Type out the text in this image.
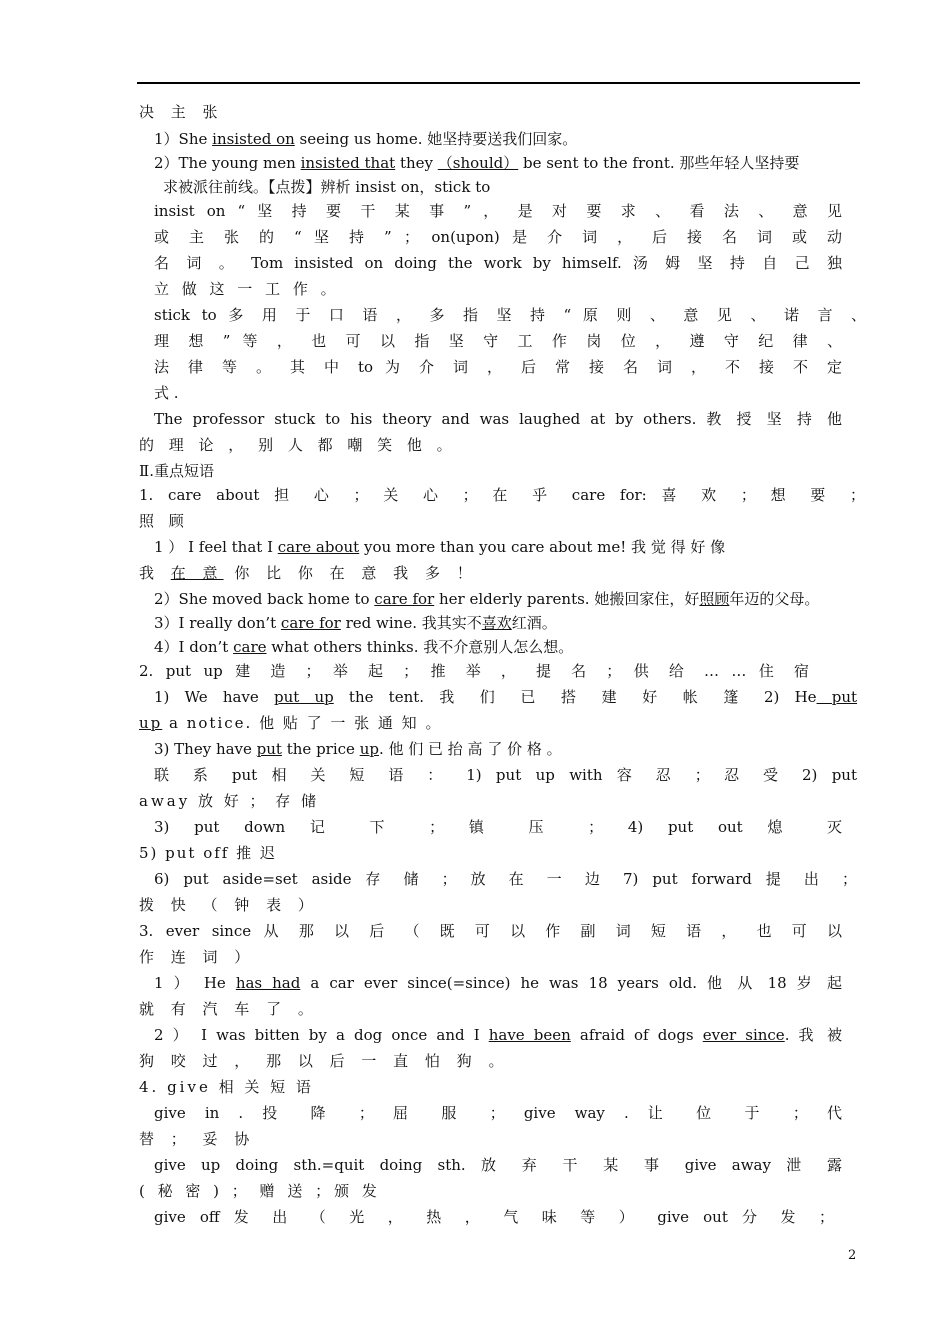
决 主 张
1）She insisted on seeing us home. 她坚持要送我们回家。
2）The young men insisted that they （should） be sent to the front. 那些年轻人坚持要
求被派往前线。【点拨】辨析 insist on，stick to
insist on “ 坚 持 要 干 某 事 ” ， 是 对 要 求 、 看 法 、 意 见
或 主 张 的 “ 坚 持 ” ； on(upon) 是 介 词 ， 后 接 名 词 或 动
名 词 。 Tom insisted on doing the work by himself. 汤 姆 坚 持 自 己 独
立 做 这 一 工 作 。
stick to 多 用 于 口 语 ， 多 指 坚 持 “ 原 则 、 意 见 、 诺 言 、
理 想 ” 等 ， 也 可 以 指 坚 守 工 作 岗 位 ， 遵 守 纪 律 、
法 律 等 。 其 中 to 为 介 词 ， 后 常 接 名 词 ， 不 接 不 定
式 .
The professor stuck to his theory and was laughed at by others. 教 授 坚 持 他
的 理 论 ， 别 人 都 嘲 笑 他 。
Ⅱ.重点短语
1. care about 担 心 ； 关 心 ； 在 乎 care for: 喜 欢 ； 想 要 ；
照 顾
1 ） I feel that I care about you more than you care about me! 我 觉 得 好 像
我 在 意 你 比 你 在 意 我 多 ！
2）She moved back home to care for her elderly parents. 她搬回家住，好照顾年迈的父母。
3）I really don’t care for red wine. 我其实不喜欢红酒。
4）I don’t care what others thinks. 我不介意别人怎么想。
2. put up 建 造 ； 举 起 ； 推 举 ， 提 名 ； 供 给 … … 住 宿
1) We have put up the tent. 我 们 已 搭 建 好 帐 篷 2) He put
up a notice. 他 贴 了 一 张 通 知 。
3) They have put the price up. 他 们 已 抬 高 了 价 格 。
联 系 put 相 关 短 语 ： 1) put up with 容 忍 ； 忍 受 2) put
away 放 好 ； 存 储
3) put down 记 下 ； 镇 压 ； 4) put out 熄 灭
5) put off 推 迟
6) put aside=set aside 存 储 ； 放 在 一 边 7) put forward 提 出 ；
拨 快 （ 钟 表 ）
3. ever since 从 那 以 后 （ 既 可 以 作 副 词 短 语 ， 也 可 以
作 连 词 ）
1 ） He has had a car ever since(=since) he was 18 years old. 他 从 18 岁 起
就 有 汽 车 了 。
2 ） I was bitten by a dog once and I have been afraid of dogs ever since. 我 被
狗 咬 过 ， 那 以 后 一 直 怕 狗 。
4. give 相 关 短 语
give in . 投 降 ； 屈 服 ； give way . 让 位 于 ； 代
替 ； 妥 协
give up doing sth.=quit doing sth. 放 弃 干 某 事 give away 泄 露
( 秘 密 ) ； 赠 送 ；颁 发
give off 发 出 （ 光 ， 热 ， 气 味 等 ） give out 分 发 ；
2
